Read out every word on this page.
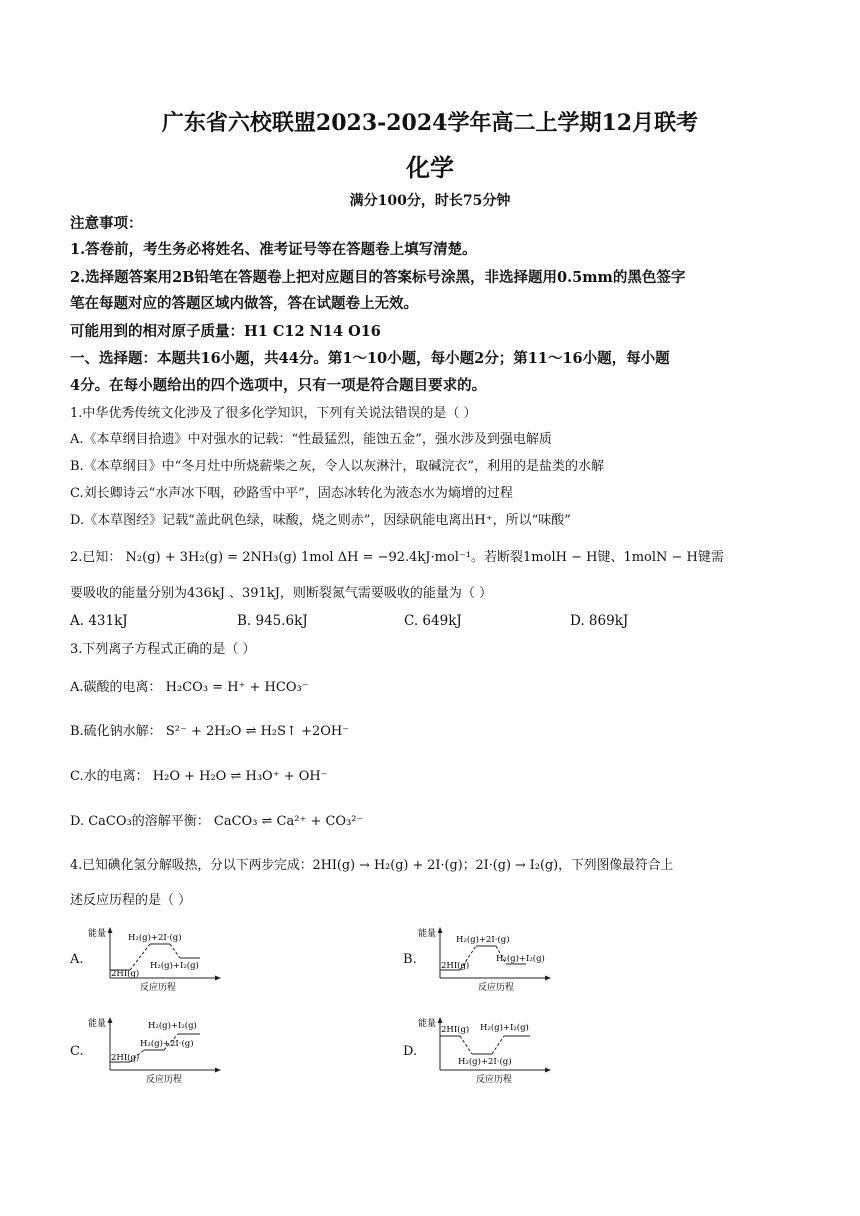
广东省六校联盟2023-2024学年高二上学期12月联考
化学
满分100分，时长75分钟
注意事项：
1.答卷前，考生务必将姓名、准考证号等在答题卷上填写清楚。
2.选择题答案用2B铅笔在答题卷上把对应题目的答案标号涂黑，非选择题用0.5mm的黑色签字
笔在每题对应的答题区域内做答，答在试题卷上无效。
可能用到的相对原子质量：H1 C12 N14 O16
一、选择题：本题共16小题，共44分。第1～10小题，每小题2分；第11～16小题，每小题
4分。在每小题给出的四个选项中，只有一项是符合题目要求的。
1.中华优秀传统文化涉及了很多化学知识，下列有关说法错误的是（ ）
A.《本草纲目拾遗》中对强水的记载：“性最猛烈，能蚀五金”，强水涉及到强电解质
B.《本草纲目》中“冬月灶中所烧薪柴之灰，令人以灰淋汁，取碱浣衣”，利用的是盐类的水解
C.刘长卿诗云“水声冰下咽，砂路雪中平”，固态冰转化为液态水为熵增的过程
D.《本草图经》记载“盖此矾色绿，味酸，烧之则赤”，因绿矾能电离出H⁺，所以“味酸”
2.已知： N₂(g) + 3H₂(g) = 2NH₃(g) 1mol ΔH = −92.4kJ·mol⁻¹。若断裂1molH − H键、1molN − H键需
要吸收的能量分别为436kJ 、391kJ，则断裂氮气需要吸收的能量为（ ）
A. 431kJ	B. 945.6kJ	C. 649kJ	D. 869kJ
3.下列离子方程式正确的是（ ）
A.碳酸的电离： H₂CO₃ = H⁺ + HCO₃⁻
B.硫化钠水解： S²⁻ + 2H₂O ⇌ H₂S↑ +2OH⁻
C.水的电离： H₂O + H₂O ⇌ H₃O⁺ + OH⁻
D. CaCO₃的溶解平衡： CaCO₃ ⇌ Ca²⁺ + CO₃²⁻
4.已知碘化氢分解吸热，分以下两步完成：2HI(g) → H₂(g) + 2I·(g)；2I·(g) → I₂(g)，下列图像最符合上
述反应历程的是（ ）
A.
能量	H₂(g)+2I·(g)
H₂(g)+I₂(g)
2HI(g)
反应历程
B.
能量
H₂(g)+2I·(g)
H₂(g)+I₂(g)
2HI(g)
反应历程
C.
能量	H₂(g)+I₂(g)
H₂(g)+2I·(g)
2HI(g)
反应历程
D.
能量
2HI(g) H₂(g)+I₂(g)
H₂(g)+2I·(g)
反应历程
